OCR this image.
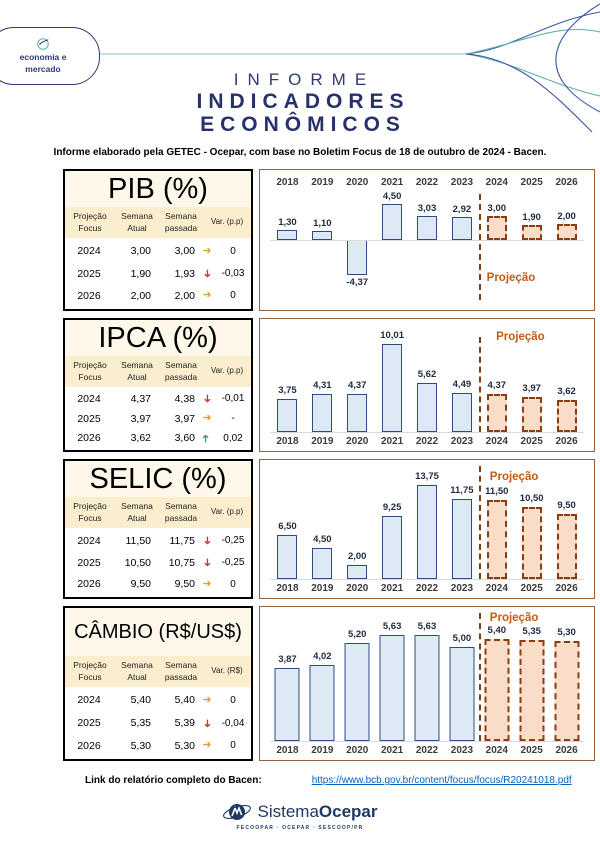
economia e
mercado
INFORME
INDICADORES
ECONÔMICOS
Informe elaborado pela GETEC - Ocepar, com base no Boletim Focus de 18 de outubro de 2024 - Bacen.
PIB (%)
Projeção
Focus
Semana
Atual
Semana
passada
Var. (p.p)
2024	3,00	3,00 ➜	0
2025	1,90	1,93 ➜ -0,03
2026	2,00	2,00 ➜	0
2018	2019	2020	2021	2022	2023	2024	2025	2026
1,30 1,10
-4,37
4,50
3,03 2,92 3,00
1,90 2,00
Projeção
IPCA (%)
Projeção
Focus
Semana
Atual
Semana
passada
Var. (p.p)
2024	4,37	4,38 ➜ -0,01
2025	3,97	3,97 ➜	-
2026	3,62	3,60 ➜	0,02
3,75 4,31 4,37
10,01
5,62
4,49 4,37 3,97 3,62
Projeção
2018	2019	2020	2021	2022	2023	2024	2025	2026
SELIC (%)
Projeção
Focus
Semana
Atual
Semana
passada
Var. (p.p)
2024	11,50	11,75 ➜ -0,25
2025	10,50	10,75 ➜ -0,25
2026	9,50	9,50 ➜	0
6,50
4,50
2,00
9,25
13,75
11,75 11,50
10,50
9,50
Projeção
2018	2019	2020	2021	2022	2023	2024	2025	2026
CÂMBIO (R$/US$)
Projeção
Focus
Semana
Atual
Semana
passada
Var. (R$)
2024	5,40	5,40 ➜	0
2025	5,35	5,39 ➜ -0,04
2026	5,30	5,30 ➜	0
3,87 4,02
5,20
5,63 5,63
5,00
5,40 5,35 5,30
Projeção
2018	2019	2020	2021	2022	2023	2024	2025	2026
Link do relatório completo do Bacen:	https://www.bcb.gov.br/content/focus/focus/R20241018.pdf
SistemaOcepar
FECOOPAR · OCEPAR · SESCOOP/PR
